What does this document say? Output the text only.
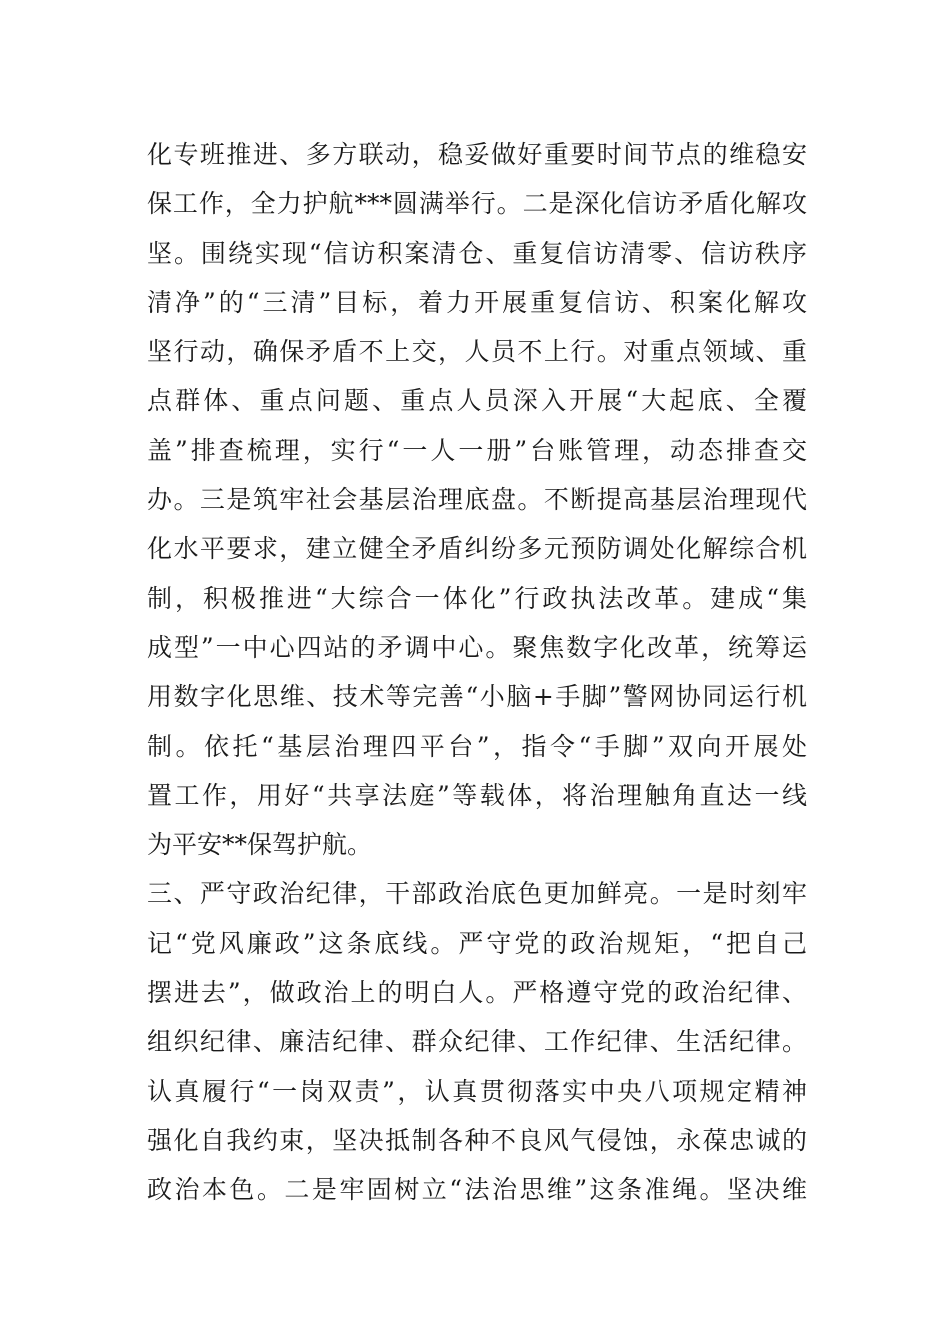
化专班推进、多方联动，稳妥做好重要时间节点的维稳安
保工作，全力护航***圆满举行。二是深化信访矛盾化解攻
坚。围绕实现“信访积案清仓、重复信访清零、信访秩序
清净”的“三清”目标，着力开展重复信访、积案化解攻
坚行动，确保矛盾不上交，人员不上行。对重点领域、重
点群体、重点问题、重点人员深入开展“大起底、全覆
盖”排查梳理，实行“一人一册”台账管理，动态排查交
办。三是筑牢社会基层治理底盘。不断提高基层治理现代
化水平要求，建立健全矛盾纠纷多元预防调处化解综合机
制，积极推进“大综合一体化”行政执法改革。建成“集
成型”一中心四站的矛调中心。聚焦数字化改革，统筹运
用数字化思维、技术等完善“小脑+手脚”警网协同运行机
制。依托“基层治理四平台”，指令“手脚”双向开展处
置工作，用好“共享法庭”等载体，将治理触角直达一线
为平安**保驾护航。
三、严守政治纪律，干部政治底色更加鲜亮。一是时刻牢
记“党风廉政”这条底线。严守党的政治规矩，“把自己
摆进去”，做政治上的明白人。严格遵守党的政治纪律、
组织纪律、廉洁纪律、群众纪律、工作纪律、生活纪律。
认真履行“一岗双责”，认真贯彻落实中央八项规定精神
强化自我约束，坚决抵制各种不良风气侵蚀，永葆忠诚的
政治本色。二是牢固树立“法治思维”这条准绳。坚决维
